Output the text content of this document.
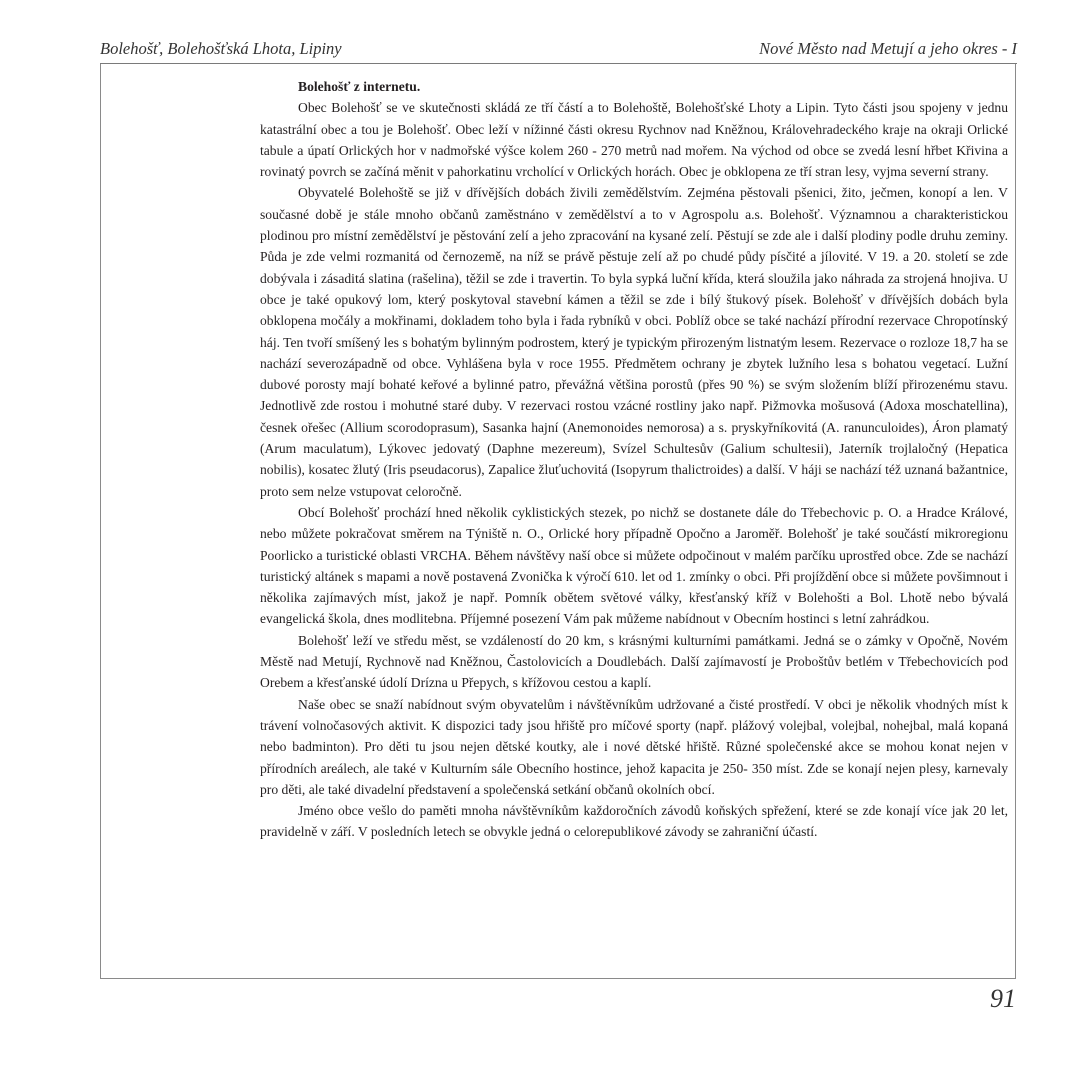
Bolehošť, Bolehošťská Lhota, Lipiny	Nové Město nad Metují a jeho okres - I
Bolehošť z internetu.

Obec Bolehošť se ve skutečnosti skládá ze tří částí a to Bolehoště, Bolehošťské Lhoty a Lipin. Tyto části jsou spojeny v jednu katastrální obec a tou je Bolehošť. Obec leží v nížinné části okresu Rychnov nad Kněžnou, Královehradeckého kraje na okraji Orlické tabule a úpatí Orlických hor v nadmořské výšce kolem 260 - 270 metrů nad mořem. Na východ od obce se zvedá lesní hřbet Křivina a rovinatý povrch se začíná měnit v pahorkatinu vrcholící v Orlických horách. Obec je obklopena ze tří stran lesy, vyjma severní strany.

Obyvatelé Bolehoště se již v dřívějších dobách živili zemědělstvím. Zejména pěstovali pšenici, žito, ječmen, konopí a len. V současné době je stále mnoho občanů zaměstnáno v zemědělství a to v Agrospolu a.s. Bolehošť. Významnou a charakteristickou plodinou pro místní zemědělství je pěstování zelí a jeho zpracování na kysané zelí. Pěstují se zde ale i další plodiny podle druhu zeminy. Půda je zde velmi rozmanitá od černozemě, na níž se právě pěstuje zelí až po chudé půdy písčité a jílovité. V 19. a 20. století se zde dobývala i zásaditá slatina (rašelina), těžil se zde i travertin. To byla sypká luční křída, která sloužila jako náhrada za strojená hnojiva. U obce je také opukový lom, který poskytoval stavební kámen a těžil se zde i bílý štukový písek. Bolehošť v dřívějších dobách byla obklopena močály a mokřinami, dokladem toho byla i řada rybníků v obci. Poblíž obce se také nachází přírodní rezervace Chropotínský háj. Ten tvoří smíšený les s bohatým bylinným podrostem, který je typickým přirozeným listnatým lesem. Rezervace o rozloze 18,7 ha se nachází severozápadně od obce. Vyhlášena byla v roce 1955. Předmětem ochrany je zbytek lužního lesa s bohatou vegetací. Lužní dubové porosty mají bohaté keřové a bylinné patro, převážná většina porostů (přes 90 %) se svým složením blíží přirozenému stavu. Jednotlivě zde rostou i mohutné staré duby. V rezervaci rostou vzácné rostliny jako např. Pižmovka mošusová (Adoxa moschatellina), česnek ořešec (Allium scorodoprasum), Sasanka hajní (Anemonoides nemorosa) a s. pryskyřníkovitá (A. ranunculoides), Áron plamatý (Arum maculatum), Lýkovec jedovatý (Daphne mezereum), Svízel Schultesův (Galium schultesii), Jaterník trojlaločný (Hepatica nobilis), kosatec žlutý (Iris pseudacorus), Zapalice žluťuchovitá (Isopyrum thalictroides) a další. V háji se nachází též uznaná bažantnice, proto sem nelze vstupovat celoročně.

Obcí Bolehošť prochází hned několik cyklistických stezek, po nichž se dostanete dále do Třebechovic p. O. a Hradce Králové, nebo můžete pokračovat směrem na Týniště n. O., Orlické hory případně Opočno a Jaroměř. Bolehošť je také součástí mikroregionu Poorlicko a turistické oblasti VRCHA. Během návštěvy naší obce si můžete odpočinout v malém parčíku uprostřed obce. Zde se nachází turistický altánek s mapami a nově postavená Zvonička k výročí 610. let od 1. zmínky o obci. Při projíždění obce si můžete povšimnout i několika zajímavých míst, jakož je např. Pomník obětem světové války, křesťanský kříž v Bolehošti a Bol. Lhotě nebo bývalá evangelická škola, dnes modlitebna. Příjemné posezení Vám pak můžeme nabídnout v Obecním hostinci s letní zahrádkou.

Bolehošť leží ve středu měst, se vzdáleností do 20 km, s krásnými kulturními památkami. Jedná se o zámky v Opočně, Novém Městě nad Metují, Rychnově nad Kněžnou, Častolovicích a Doudlebách. Další zajímavostí je Proboštův betlém v Třebechovicích pod Orebem a křesťanské údolí Drízna u Přepych, s křížovou cestou a kaplí.

Naše obec se snaží nabídnout svým obyvatelům i návštěvníkům udržované a čisté prostředí. V obci je několik vhodných míst k trávení volnočasových aktivit. K dispozici tady jsou hřiště pro míčové sporty (např. plážový volejbal, volejbal, nohejbal, malá kopaná nebo badminton). Pro děti tu jsou nejen dětské koutky, ale i nové dětské hřiště. Různé společenské akce se mohou konat nejen v přírodních areálech, ale také v Kulturním sále Obecního hostince, jehož kapacita je 250- 350 míst. Zde se konají nejen plesy, karnevaly pro děti, ale také divadelní představení a společenská setkání občanů okolních obcí.

Jméno obce vešlo do paměti mnoha návštěvníkům každoročních závodů koňských spřežení, které se zde konají více jak 20 let, pravidelně v září. V posledních letech se obvykle jedná o celorepublikové závody se zahraniční účastí.

91
